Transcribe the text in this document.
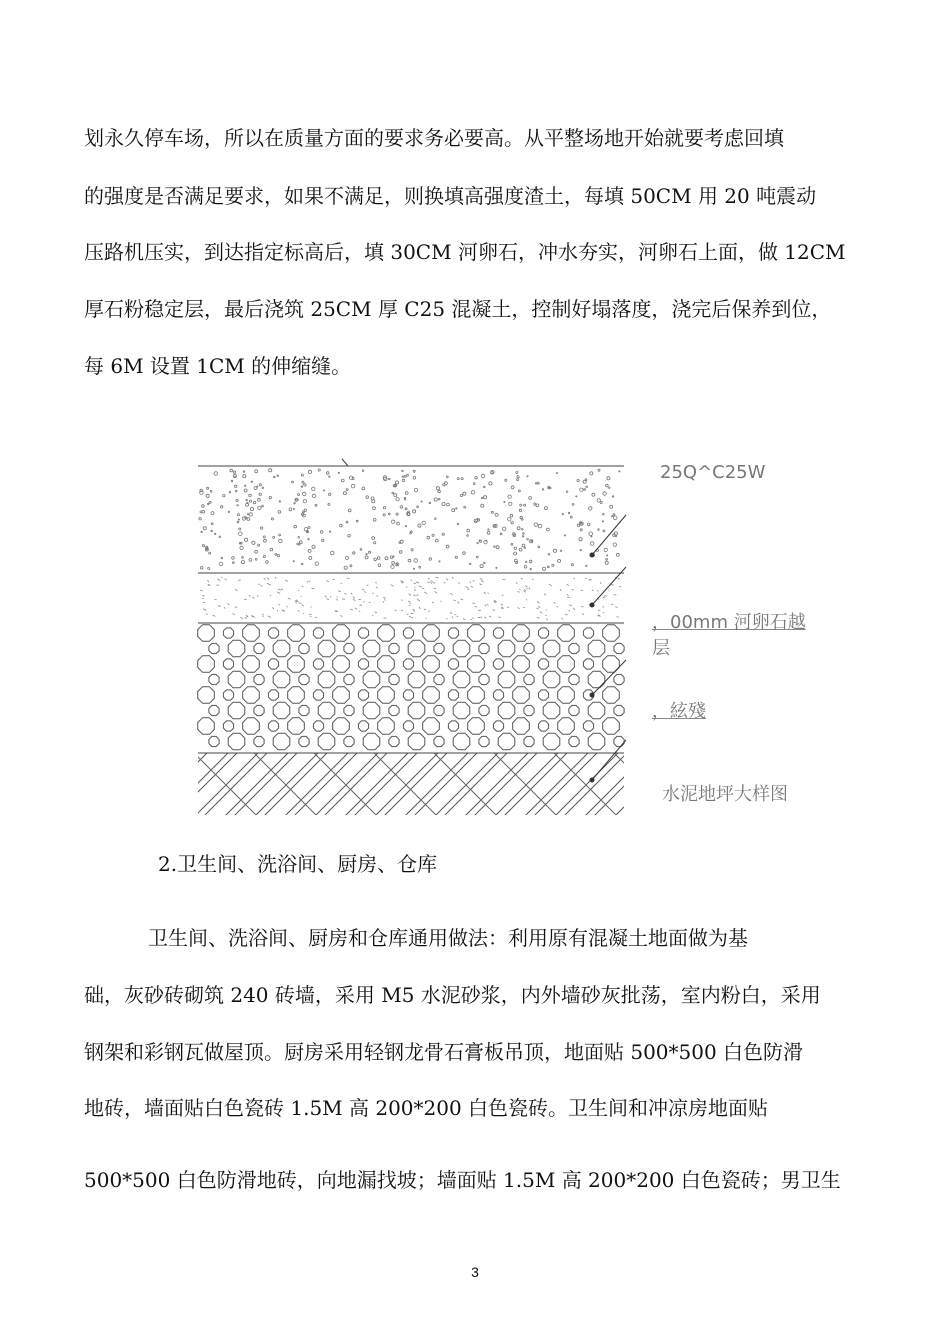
划永久停车场，所以在质量方面的要求务必要高。从平整场地开始就要考虑回填
的强度是否满足要求，如果不满足，则换填高强度渣土，每填 50CM 用 20 吨震动
压路机压实，到达指定标高后，填 30CM 河卵石，冲水夯实，河卵石上面，做 12CM
厚石粉稳定层，最后浇筑 25CM 厚 C25 混凝土，控制好塌落度，浇完后保养到位，
每 6M 设置 1CM 的伸缩缝。
25Q^C25W
，00mm 河卵石越
层
，絃殘
水泥地坪大样图
2.卫生间、洗浴间、厨房、仓库
卫生间、洗浴间、厨房和仓库通用做法：利用原有混凝土地面做为基
础，灰砂砖砌筑 240 砖墙，采用 M5 水泥砂浆，内外墙砂灰批荡，室内粉白，采用
钢架和彩钢瓦做屋顶。厨房采用轻钢龙骨石膏板吊顶，地面贴 500*500 白色防滑
地砖，墙面贴白色瓷砖 1.5M 高 200*200 白色瓷砖。卫生间和冲凉房地面贴
500*500 白色防滑地砖，向地漏找坡；墙面贴 1.5M 高 200*200 白色瓷砖；男卫生
3
